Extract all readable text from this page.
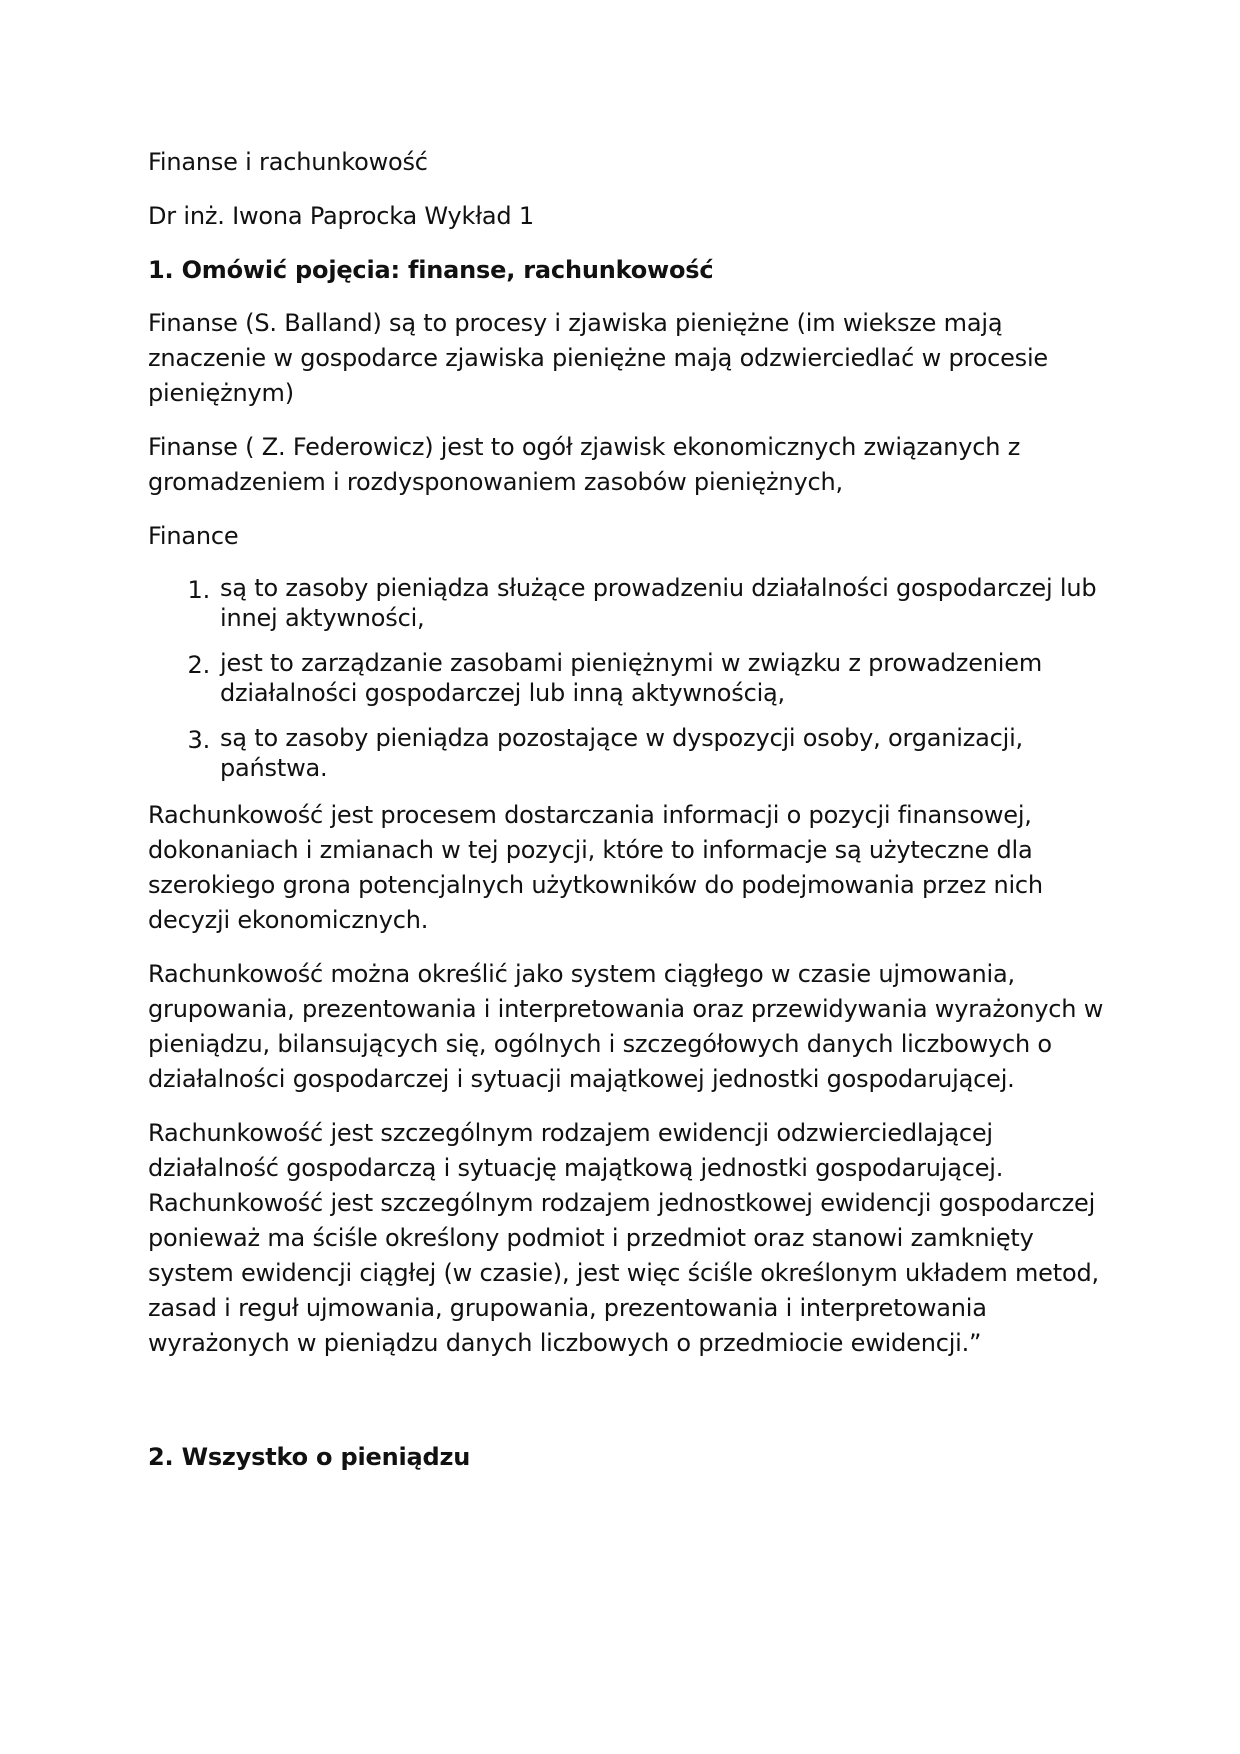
Finanse i rachunkowość

Dr inż. Iwona Paprocka Wykład 1

1. Omówić pojęcia: finanse, rachunkowość

Finanse (S. Balland) są to procesy i zjawiska pieniężne (im wieksze mają znaczenie w gospodarce zjawiska pieniężne mają odzwierciedlać w procesie pieniężnym)

Finanse ( Z. Federowicz) jest to ogół zjawisk ekonomicznych związanych z gromadzeniem i rozdysponowaniem zasobów pieniężnych,

Finance

1. są to zasoby pieniądza służące prowadzeniu działalności gospodarczej lub innej aktywności,
2. jest to zarządzanie zasobami pieniężnymi w związku z prowadzeniem działalności gospodarczej lub inną aktywnością,
3. są to zasoby pieniądza pozostające w dyspozycji osoby, organizacji, państwa.

Rachunkowość jest procesem dostarczania informacji o pozycji finansowej, dokonaniach i zmianach w tej pozycji, które to informacje są użyteczne dla szerokiego grona potencjalnych użytkowników do podejmowania przez nich decyzji ekonomicznych.

Rachunkowość można określić jako system ciągłego w czasie ujmowania, grupowania, prezentowania i interpretowania oraz przewidywania wyrażonych w pieniądzu, bilansujących się, ogólnych i szczegółowych danych liczbowych o działalności gospodarczej i sytuacji majątkowej jednostki gospodarującej.

Rachunkowość jest szczególnym rodzajem ewidencji odzwierciedlającej działalność gospodarczą i sytuację majątkową jednostki gospodarującej. Rachunkowość jest szczególnym rodzajem jednostkowej ewidencji gospodarczej ponieważ ma ściśle określony podmiot i przedmiot oraz stanowi zamknięty system ewidencji ciągłej (w czasie), jest więc ściśle określonym układem metod, zasad i reguł ujmowania, grupowania, prezentowania i interpretowania wyrażonych w pieniądzu danych liczbowych o przedmiocie ewidencji.”

2. Wszystko o pieniądzu
